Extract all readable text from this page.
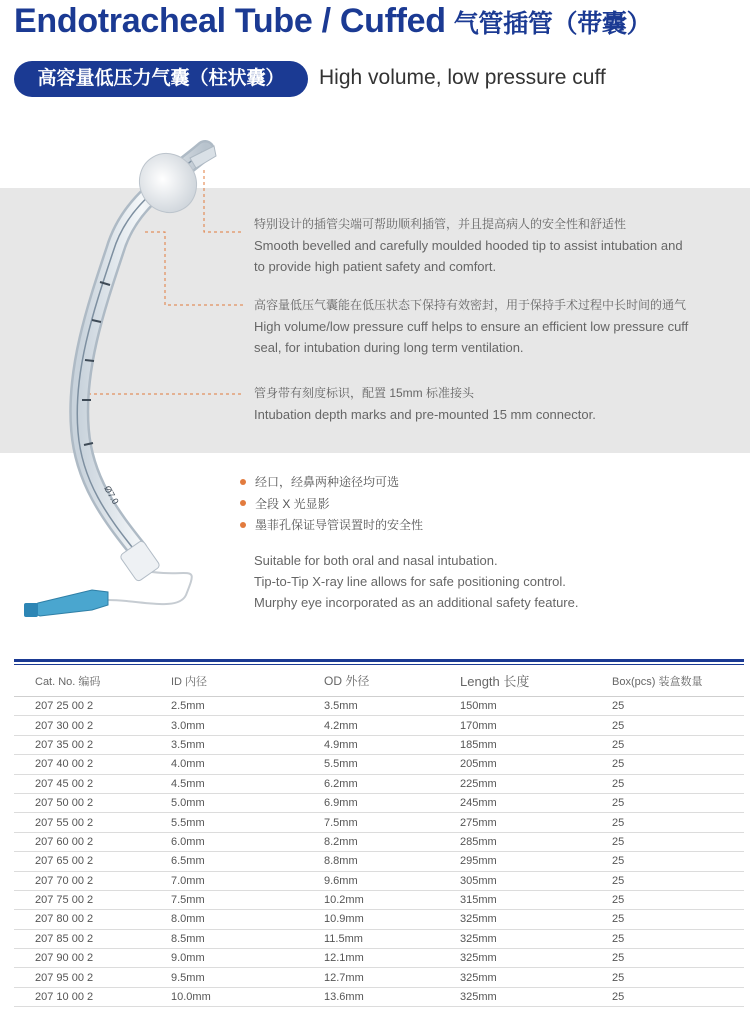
Endotracheal Tube / Cuffed 气管插管（带囊）
高容量低压力气囊（柱状囊）	High volume, low pressure cuff
Ø7.0
特别设计的插管尖端可帮助顺利插管，并且提高病人的安全性和舒适性
Smooth bevelled and carefully moulded hooded tip to assist intubation and
to provide high patient safety and comfort.
高容量低压气囊能在低压状态下保持有效密封，用于保持手术过程中长时间的通气
High volume/low pressure cuff helps to ensure an efficient low pressure cuff
seal, for intubation during long term ventilation.
管身带有刻度标识，配置 15mm 标准接头
Intubation depth marks and pre-mounted 15 mm connector.
经口，经鼻两种途径均可选
全段 X 光显影
墨菲孔保证导管误置时的安全性
Suitable for both oral and nasal intubation.
Tip-to-Tip X-ray line allows for safe positioning control.
Murphy eye incorporated as an additional safety feature.
Cat. No. 编码	ID 内径	OD 外径	Length 长度	Box(pcs) 装盒数量
207 25 00 2	2.5mm	3.5mm	150mm	25
207 30 00 2	3.0mm	4.2mm	170mm	25
207 35 00 2	3.5mm	4.9mm	185mm	25
207 40 00 2	4.0mm	5.5mm	205mm	25
207 45 00 2	4.5mm	6.2mm	225mm	25
207 50 00 2	5.0mm	6.9mm	245mm	25
207 55 00 2	5.5mm	7.5mm	275mm	25
207 60 00 2	6.0mm	8.2mm	285mm	25
207 65 00 2	6.5mm	8.8mm	295mm	25
207 70 00 2	7.0mm	9.6mm	305mm	25
207 75 00 2	7.5mm	10.2mm	315mm	25
207 80 00 2	8.0mm	10.9mm	325mm	25
207 85 00 2	8.5mm	11.5mm	325mm	25
207 90 00 2	9.0mm	12.1mm	325mm	25
207 95 00 2	9.5mm	12.7mm	325mm	25
207 10 00 2	10.0mm	13.6mm	325mm	25
